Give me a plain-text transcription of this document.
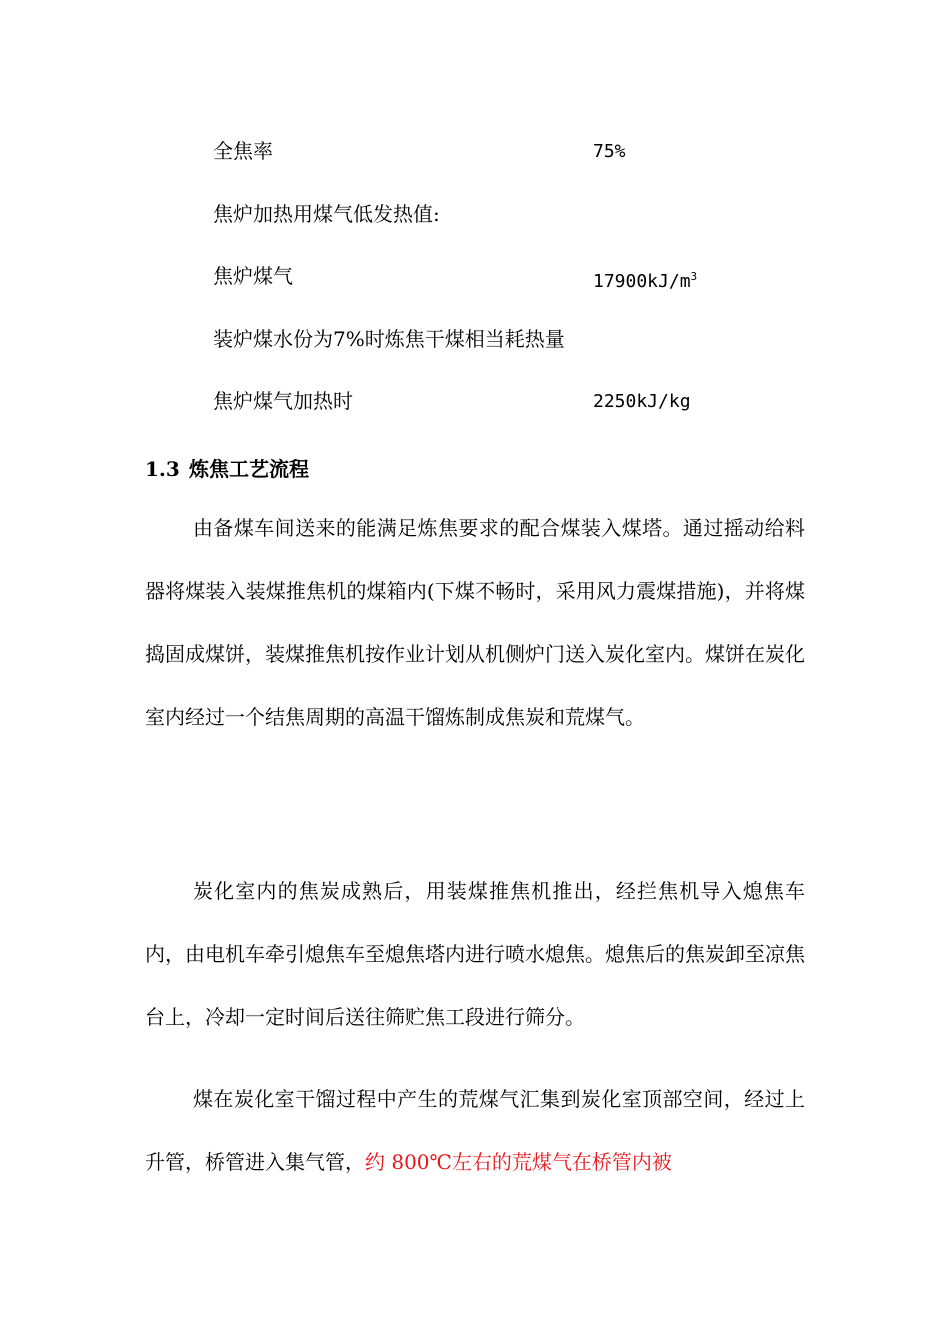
全焦率	75%
焦炉加热用煤气低发热值:
焦炉煤气	$17900kJ/m^3$
装炉煤水份为7%时炼焦干煤相当耗热量
焦炉煤气加热时	2250kJ/kg
1.3 炼焦工艺流程

由备煤车间送来的能满足炼焦要求的配合煤装入煤塔。通过摇动给料器将煤装入装煤推焦机的煤箱内(下煤不畅时，采用风力震煤措施)，并将煤捣固成煤饼，装煤推焦机按作业计划从机侧炉门送入炭化室内。煤饼在炭化室内经过一个结焦周期的高温干馏炼制成焦炭和荒煤气。

炭化室内的焦炭成熟后，用装煤推焦机推出，经拦焦机导入熄焦车内，由电机车牵引熄焦车至熄焦塔内进行喷水熄焦。熄焦后的焦炭卸至凉焦台上，冷却一定时间后送往筛贮焦工段进行筛分。

煤在炭化室干馏过程中产生的荒煤气汇集到炭化室顶部空间，经过上升管，桥管进入集气管，约 800℃左右的荒煤气在桥管内被
